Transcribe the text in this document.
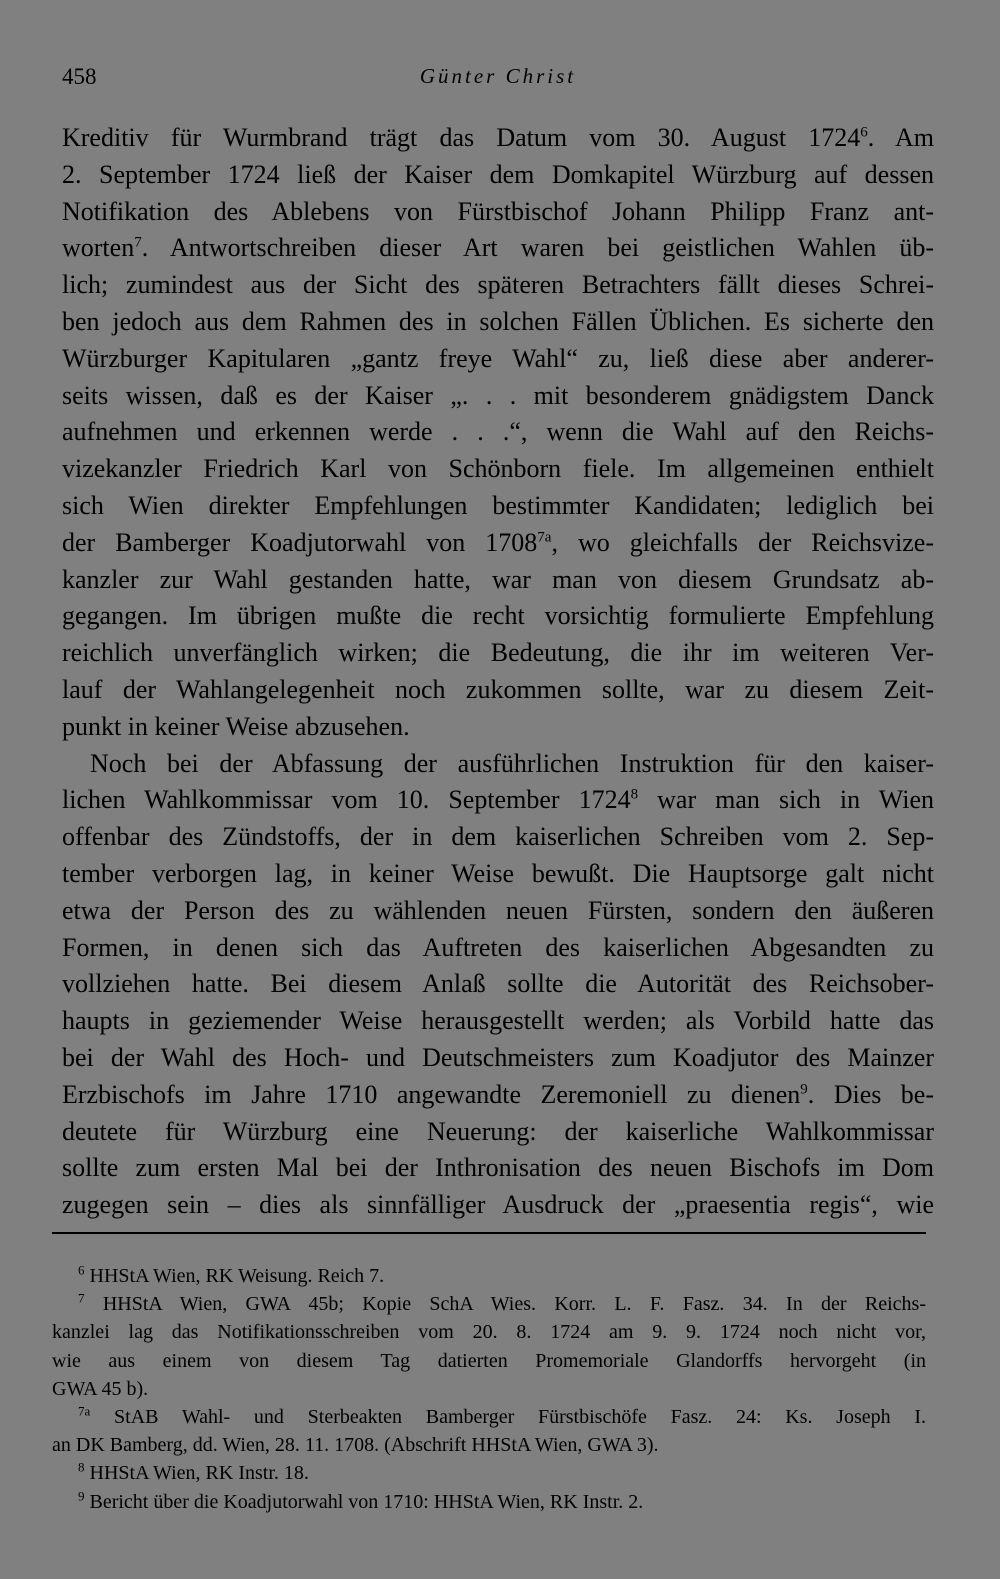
458	Günter Christ
Kreditiv für Wurmbrand trägt das Datum vom 30. August 1724$^6$. Am
2. September 1724 ließ der Kaiser dem Domkapitel Würzburg auf dessen
Notifikation des Ablebens von Fürstbischof Johann Philipp Franz ant-
worten$^7$. Antwortschreiben dieser Art waren bei geistlichen Wahlen üb-
lich; zumindest aus der Sicht des späteren Betrachters fällt dieses Schrei-
ben jedoch aus dem Rahmen des in solchen Fällen Üblichen. Es sicherte den
Würzburger Kapitularen „gantz freye Wahl“ zu, ließ diese aber anderer-
seits wissen, daß es der Kaiser „. . . mit besonderem gnädigstem Danck
aufnehmen und erkennen werde . . .“, wenn die Wahl auf den Reichs-
vizekanzler Friedrich Karl von Schönborn fiele. Im allgemeinen enthielt
sich Wien direkter Empfehlungen bestimmter Kandidaten; lediglich bei
der Bamberger Koadjutorwahl von $1708^{7a}$, wo gleichfalls der Reichsvize-
kanzler zur Wahl gestanden hatte, war man von diesem Grundsatz ab-
gegangen. Im übrigen mußte die recht vorsichtig formulierte Empfehlung
reichlich unverfänglich wirken; die Bedeutung, die ihr im weiteren Ver-
lauf der Wahlangelegenheit noch zukommen sollte, war zu diesem Zeit-
punkt in keiner Weise abzusehen.
Noch bei der Abfassung der ausführlichen Instruktion für den kaiser-
lichen Wahlkommissar vom 10. September 1724$^8$ war man sich in Wien
offenbar des Zündstoffs, der in dem kaiserlichen Schreiben vom 2. Sep-
tember verborgen lag, in keiner Weise bewußt. Die Hauptsorge galt nicht
etwa der Person des zu wählenden neuen Fürsten, sondern den äußeren
Formen, in denen sich das Auftreten des kaiserlichen Abgesandten zu
vollziehen hatte. Bei diesem Anlaß sollte die Autorität des Reichsober-
haupts in geziemender Weise herausgestellt werden; als Vorbild hatte das
bei der Wahl des Hoch- und Deutschmeisters zum Koadjutor des Mainzer
Erzbischofs im Jahre 1710 angewandte Zeremoniell zu dienen$^9$. Dies be-
deutete für Würzburg eine Neuerung: der kaiserliche Wahlkommissar
sollte zum ersten Mal bei der Inthronisation des neuen Bischofs im Dom
zugegen sein – dies als sinnfälliger Ausdruck der „praesentia regis“, wie
$^6$ HHStA Wien, RK Weisung. Reich 7.
$^7$ HHStA Wien, GWA 45b; Kopie SchA Wies. Korr. L. F. Fasz. 34. In der Reichs-
kanzlei lag das Notifikationsschreiben vom 20. 8. 1724 am 9. 9. 1724 noch nicht vor,
wie aus einem von diesem Tag datierten Promemoriale Glandorffs hervorgeht (in
GWA 45 b).
$^{7a}$ StAB Wahl- und Sterbeakten Bamberger Fürstbischöfe Fasz. 24: Ks. Joseph I.
an DK Bamberg, dd. Wien, 28. 11. 1708. (Abschrift HHStA Wien, GWA 3).
$^8$ HHStA Wien, RK Instr. 18.
$^9$ Bericht über die Koadjutorwahl von 1710: HHStA Wien, RK Instr. 2.
